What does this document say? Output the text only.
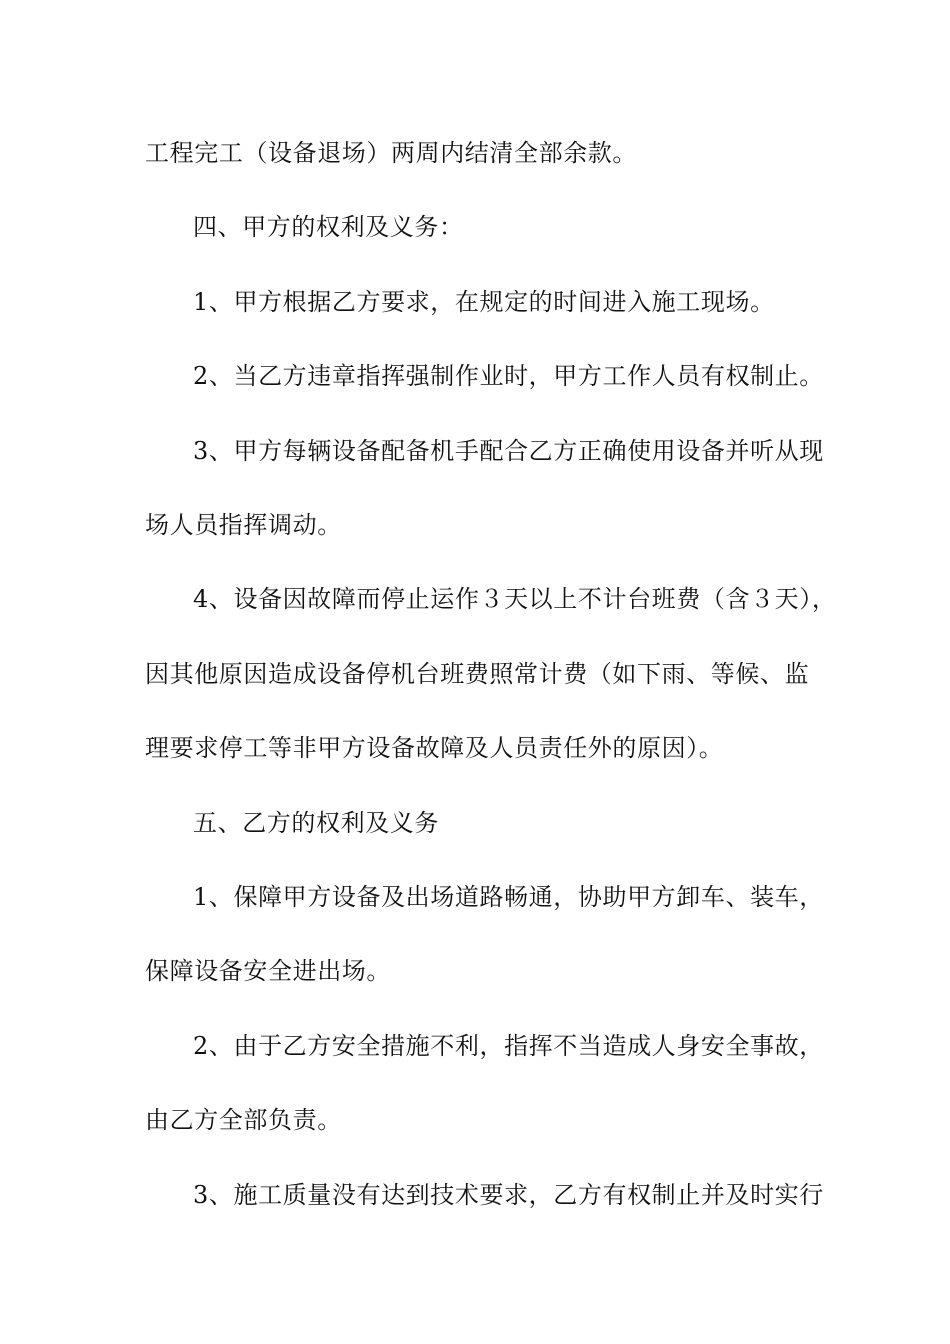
工程完工（设备退场）两周内结清全部余款。
四、甲方的权利及义务：
1、甲方根据乙方要求，在规定的时间进入施工现场。
2、当乙方违章指挥强制作业时，甲方工作人员有权制止。
3、甲方每辆设备配备机手配合乙方正确使用设备并听从现
场人员指挥调动。
4、设备因故障而停止运作３天以上不计台班费（含３天），
因其他原因造成设备停机台班费照常计费（如下雨、等候、监
理要求停工等非甲方设备故障及人员责任外的原因）。
五、乙方的权利及义务
1、保障甲方设备及出场道路畅通，协助甲方卸车、装车，
保障设备安全进出场。
2、由于乙方安全措施不利，指挥不当造成人身安全事故，
由乙方全部负责。
3、施工质量没有达到技术要求，乙方有权制止并及时实行
